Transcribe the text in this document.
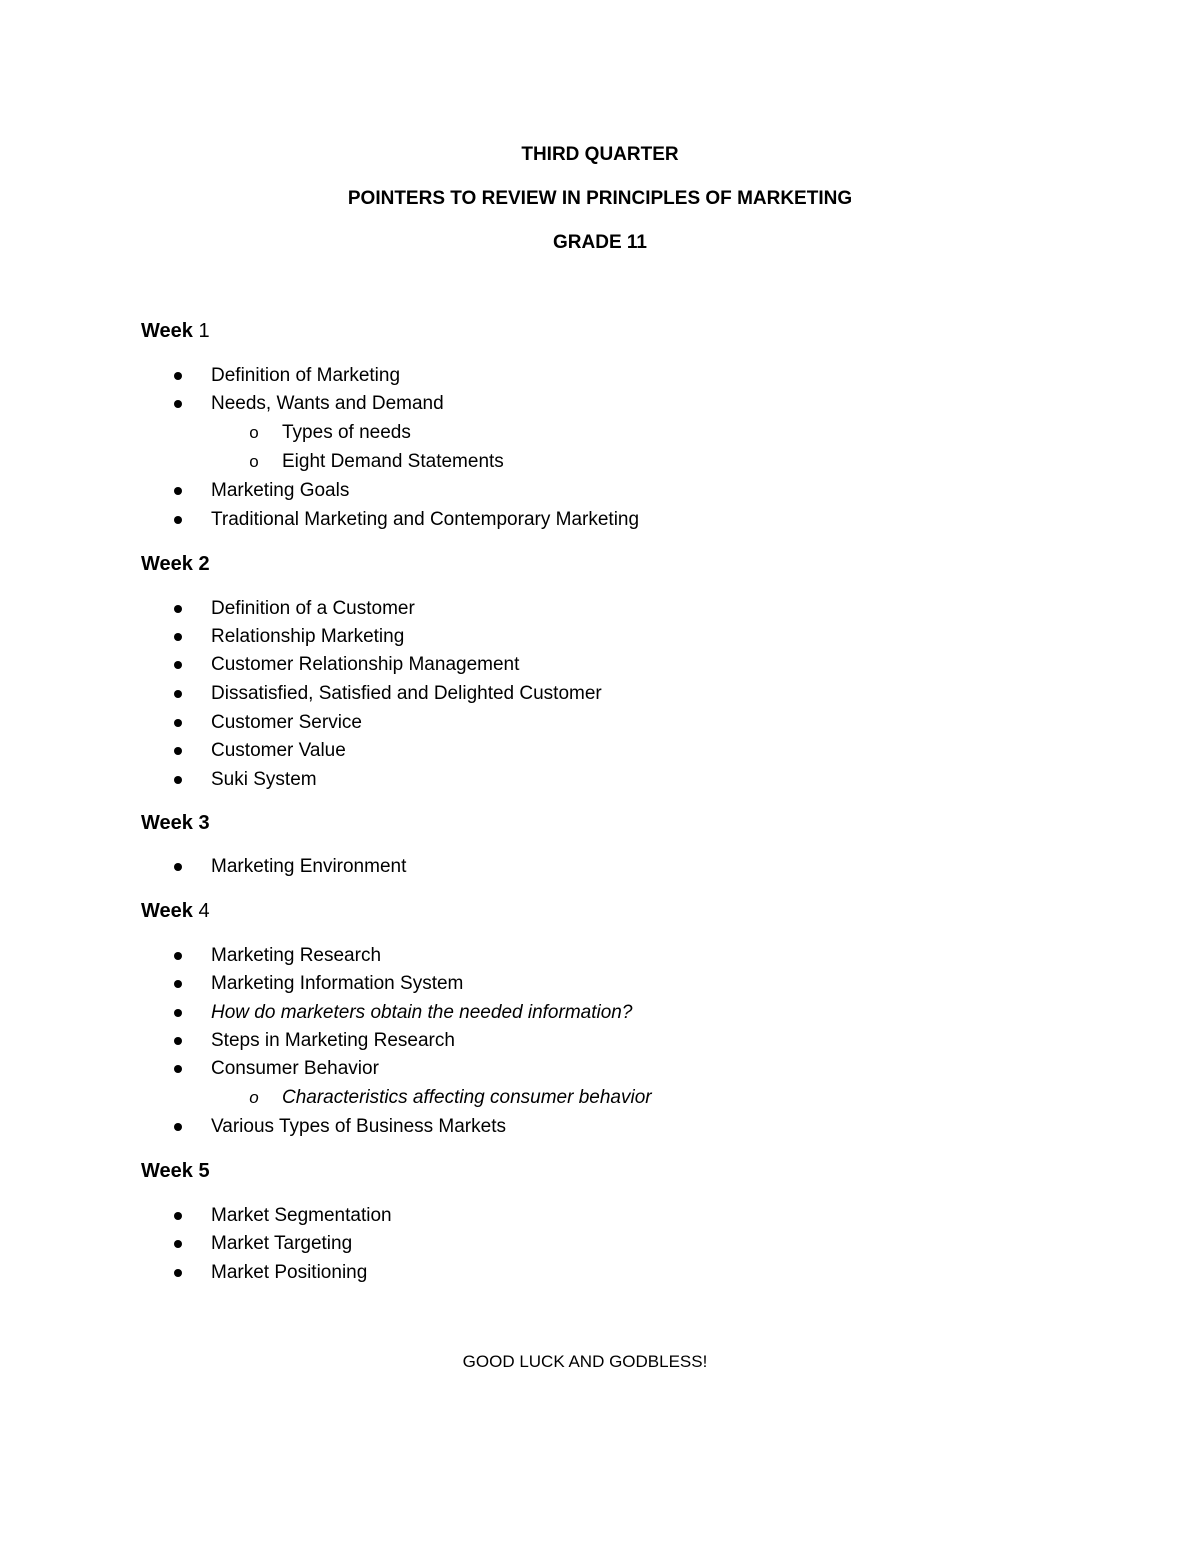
THIRD QUARTER
POINTERS TO REVIEW IN PRINCIPLES OF MARKETING
GRADE 11
Week 1
Definition of Marketing
Needs, Wants and Demand
o Types of needs
o Eight Demand Statements
Marketing Goals
Traditional Marketing and Contemporary Marketing
Week 2
Definition of a Customer
Relationship Marketing
Customer Relationship Management
Dissatisfied, Satisfied and Delighted Customer
Customer Service
Customer Value
Suki System
Week 3
Marketing Environment
Week 4
Marketing Research
Marketing Information System
How do marketers obtain the needed information?
Steps in Marketing Research
Consumer Behavior
o Characteristics affecting consumer behavior
Various Types of Business Markets
Week 5
Market Segmentation
Market Targeting
Market Positioning
GOOD LUCK AND GODBLESS!
